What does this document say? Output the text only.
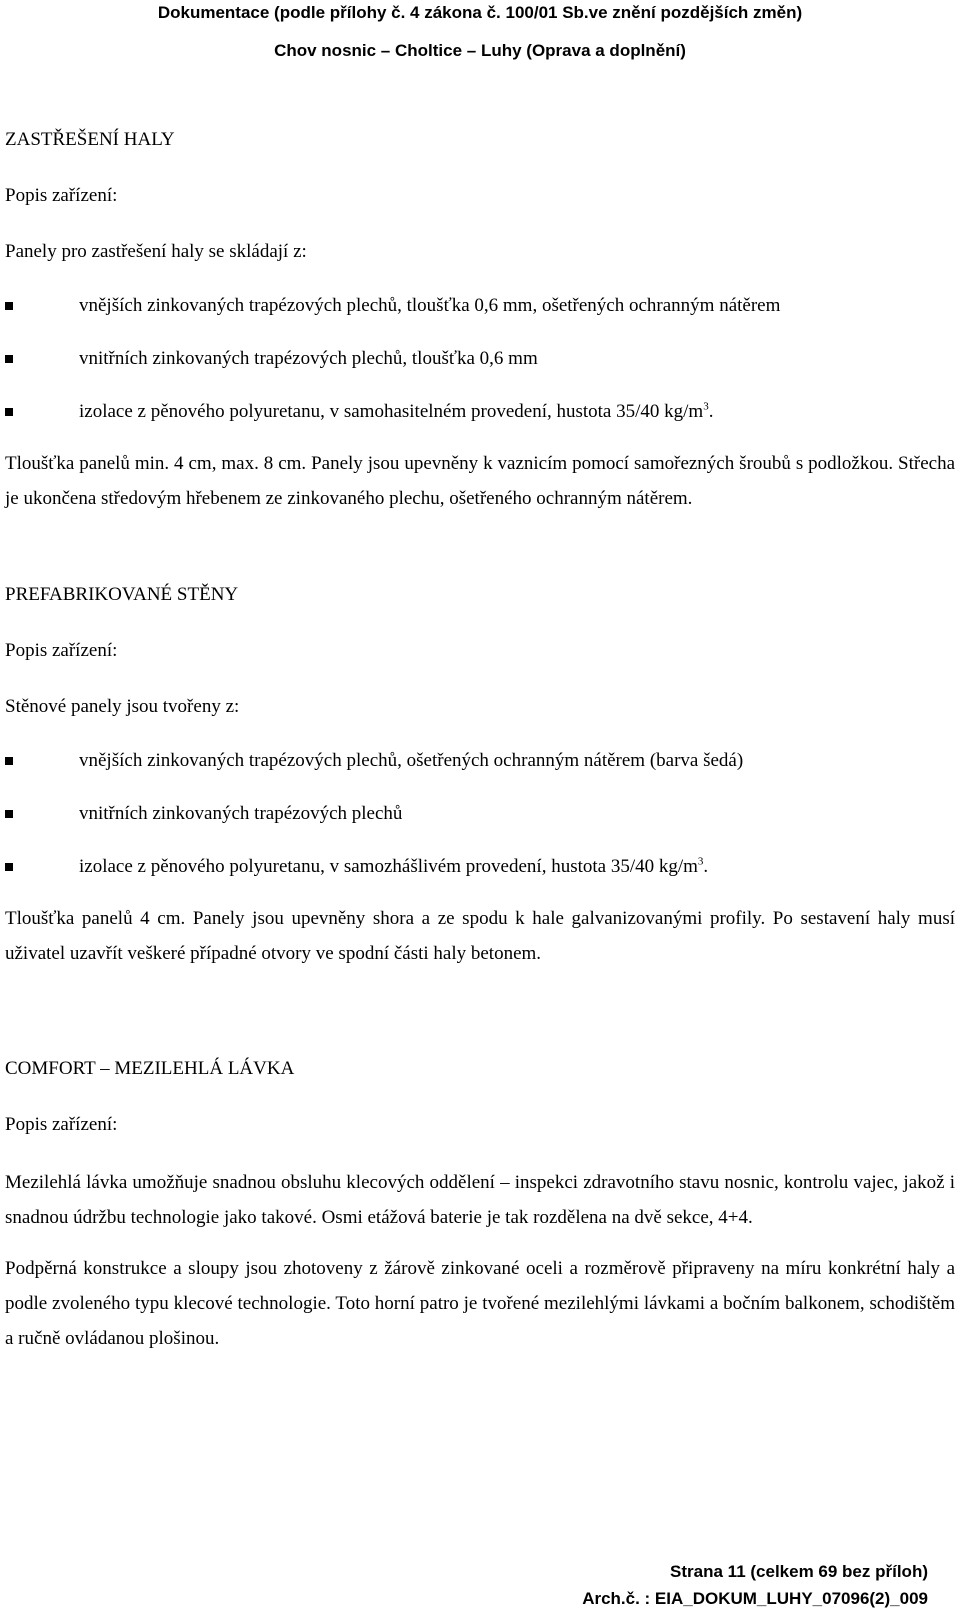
Dokumentace (podle přílohy č. 4 zákona č. 100/01 Sb.ve znění pozdějších změn)
Chov nosnic – Choltice – Luhy (Oprava a doplnění)
ZASTŘEŠENÍ HALY
Popis zařízení:
Panely pro zastřešení haly se skládají z:
vnějších zinkovaných trapézových plechů, tloušťka 0,6 mm, ošetřených ochranným nátěrem
vnitřních zinkovaných trapézových plechů, tloušťka 0,6 mm
izolace z pěnového polyuretanu, v samohasitelném provedení, hustota 35/40 $kg/m^3$.

Tloušťka panelů min. 4 cm, max. 8 cm. Panely jsou upevněny k vaznicím pomocí samořezných šroubů s podložkou. Střecha je ukončena středovým hřebenem ze zinkovaného plechu, ošetřeného ochranným nátěrem.

PREFABRIKOVANÉ STĚNY
Popis zařízení:
Stěnové panely jsou tvořeny z:
vnějších zinkovaných trapézových plechů, ošetřených ochranným nátěrem (barva šedá)
vnitřních zinkovaných trapézových plechů
izolace z pěnového polyuretanu, v samozhášlivém provedení, hustota 35/40 $kg/m^3$.

Tloušťka panelů 4 cm. Panely jsou upevněny shora a ze spodu k hale galvanizovanými profily. Po sestavení haly musí uživatel uzavřít veškeré případné otvory ve spodní části haly betonem.

COMFORT – MEZILEHLÁ LÁVKA
Popis zařízení:

Mezilehlá lávka umožňuje snadnou obsluhu klecových oddělení – inspekci zdravotního stavu nosnic, kontrolu vajec, jakož i snadnou údržbu technologie jako takové. Osmi etážová baterie je tak rozdělena na dvě sekce, 4+4.

Podpěrná konstrukce a sloupy jsou zhotoveny z žárově zinkované oceli a rozměrově připraveny na míru konkrétní haly a podle zvoleného typu klecové technologie. Toto horní patro je tvořené mezilehlými lávkami a bočním balkonem, schodištěm a ručně ovládanou plošinou.

Strana 11 (celkem 69 bez příloh)
Arch.č. : EIA_DOKUM_LUHY_07096(2)_009
